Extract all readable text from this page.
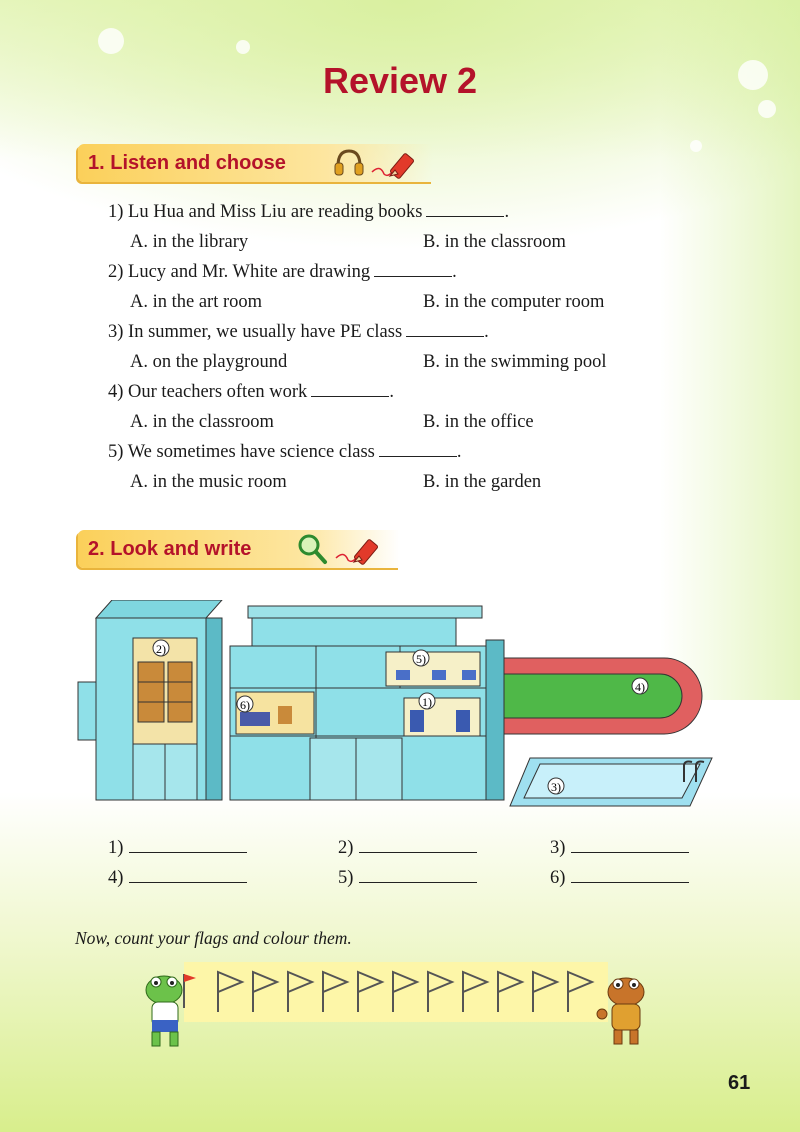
Review 2
1. Listen and choose
1) Lu Hua and Miss Liu are reading books	.
A. in the library	B. in the classroom
2) Lucy and Mr. White are drawing	.
A. in the art room	B. in the computer room
3) In summer, we usually have PE class	.
A. on the playground	B. in the swimming pool
4) Our teachers often work	.
A. in the classroom	B. in the office
5) We sometimes have science class	.
A. in the music room	B. in the garden
2. Look and write
1)
2)
3)
4)
5)
6)
1)	2)	3)
4)	5)	6)
Now, count your flags and colour them.
61
